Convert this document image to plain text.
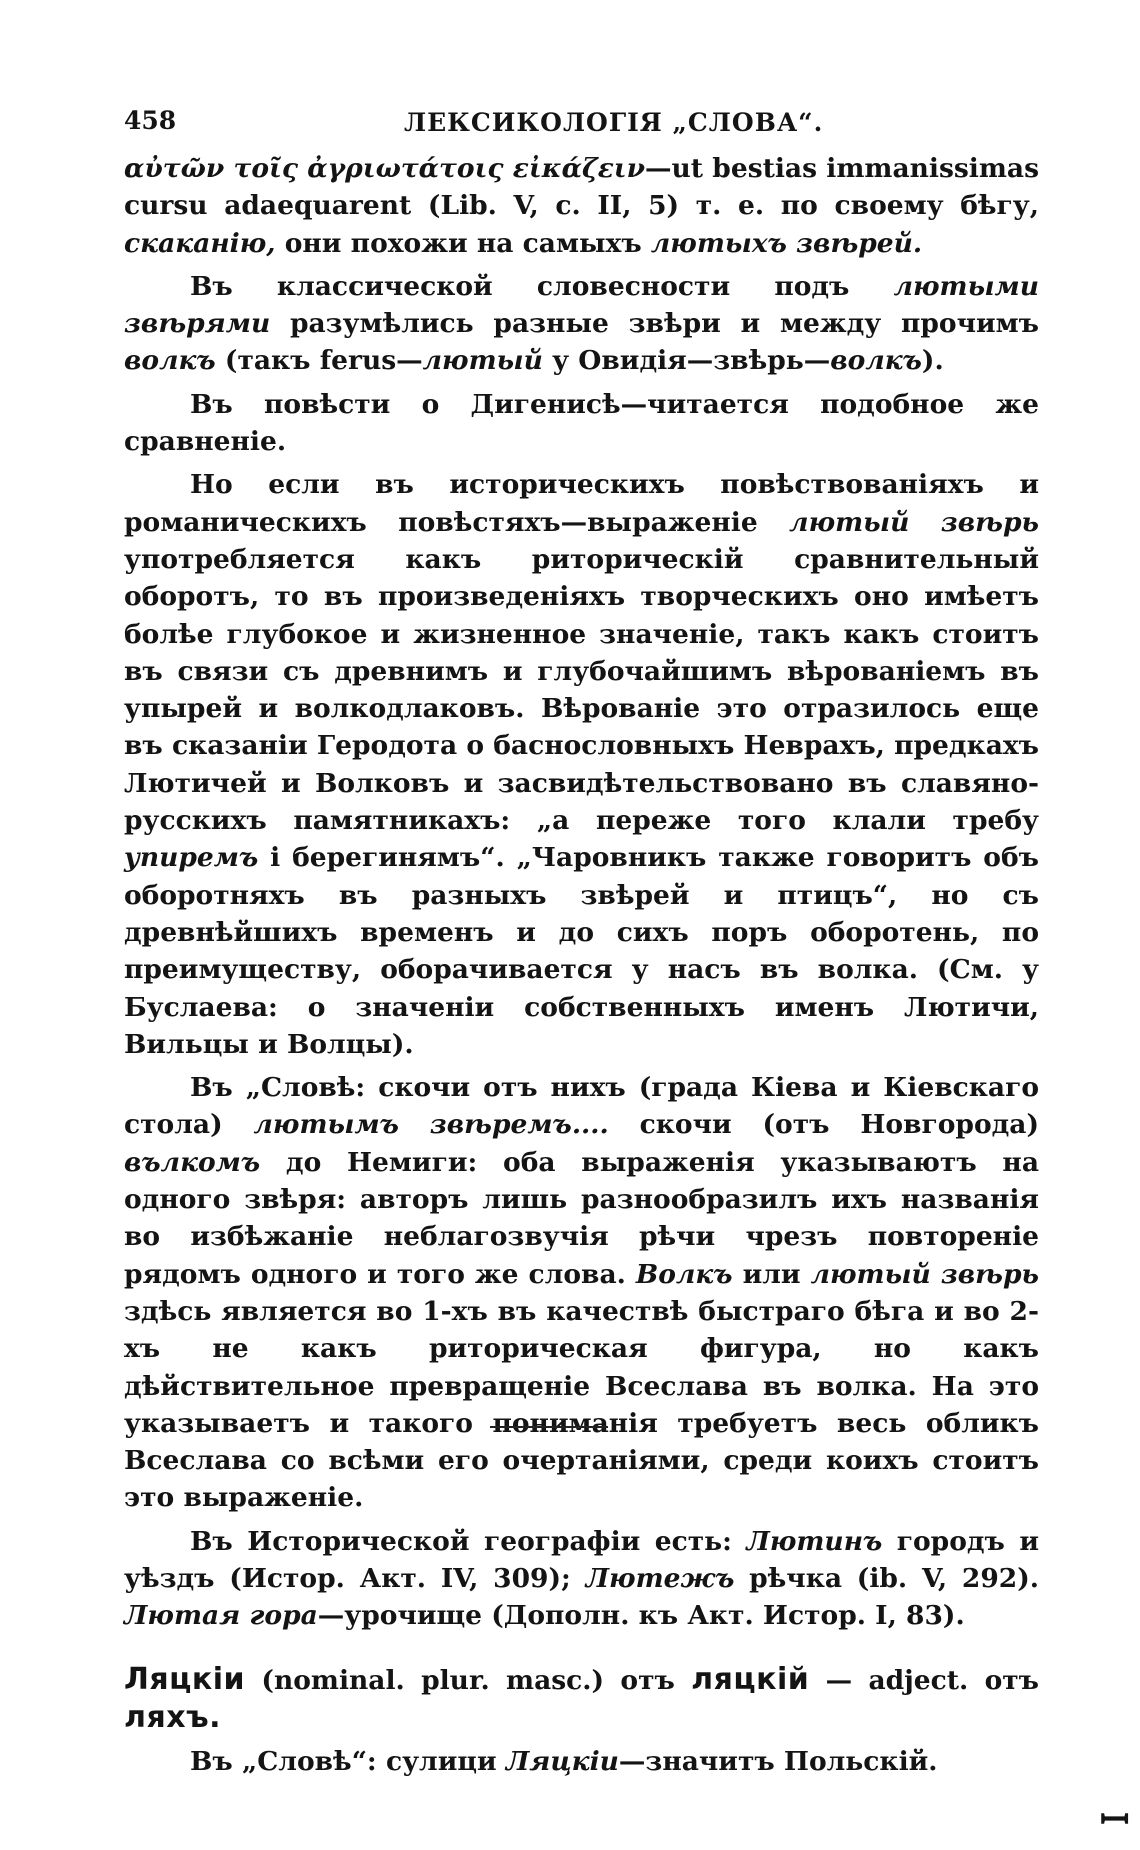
458	ЛЕКСИКОЛОГІЯ „СЛОВА“.

αὐτῶν τοῖς ἀγριωτάτοις εἰκάζειν—ut bestias immanissimas cursu adaequarent (Lib. V, c. II, 5) т. е. по своему бѣгу, скаканію, они похожи на самыхъ лютыхъ звѣрей.

Въ классической словесности подъ лютыми звѣрями разумѣлись разные звѣри и между прочимъ волкъ (такъ ferus—лютый у Овидія—звѣрь—волкъ).

Въ повѣсти о Дигенисѣ—читается подобное же сравненіе.

Но если въ историческихъ повѣствованіяхъ и романическихъ повѣстяхъ—выраженіе лютый звѣрь употребляется какъ риторическій сравнительный оборотъ, то въ произведеніяхъ творческихъ оно имѣетъ болѣе глубокое и жизненное значеніе, такъ какъ стоитъ въ связи съ древнимъ и глубочайшимъ вѣрованіемъ въ упырей и волкодлаковъ. Вѣрованіе это отразилось еще въ сказаніи Геродота о баснословныхъ Неврахъ, предкахъ Лютичей и Волковъ и засвидѣтельствовано въ славяно-русскихъ памятникахъ: „а переже того клали требу упиремъ і берегинямъ“. „Чаровникъ также говоритъ объ оборотняхъ въ разныхъ звѣрей и птицъ“, но съ древнѣйшихъ временъ и до сихъ поръ оборотень, по преимуществу, оборачивается у насъ въ волка. (См. у Буслаева: о значеніи собственныхъ именъ Лютичи, Вильцы и Волцы).

Въ „Словѣ: скочи отъ нихъ (града Кіева и Кіевскаго стола) лютымъ звѣремъ.... скочи (отъ Новгорода) вълкомъ до Немиги: оба выраженія указываютъ на одного звѣря: авторъ лишь разнообразилъ ихъ названія во избѣжаніе неблагозвучія рѣчи чрезъ повтореніе рядомъ одного и того же слова. Волкъ или лютый звѣрь здѣсь является во 1-хъ въ качествѣ быстраго бѣга и во 2-хъ не какъ риторическая фигура, но какъ дѣйствительное превращеніе Всеслава въ волка. На это указываетъ и такого пониманія требуетъ весь обликъ Всеслава со всѣми его очертаніями, среди коихъ стоитъ это выраженіе.

Въ Исторической географіи есть: Лютинъ городъ и уѣздъ (Истор. Акт. IV, 309); Лютежъ рѣчка (ib. V, 292). Лютая гора—урочище (Дополн. къ Акт. Истор. I, 83).

Ляцкіи (nominal. plur. masc.) отъ ляцкій — adject. отъ ляхъ.

Въ „Словѣ“: сулици Ляцкіи—значитъ Польскій.

ꟷ
